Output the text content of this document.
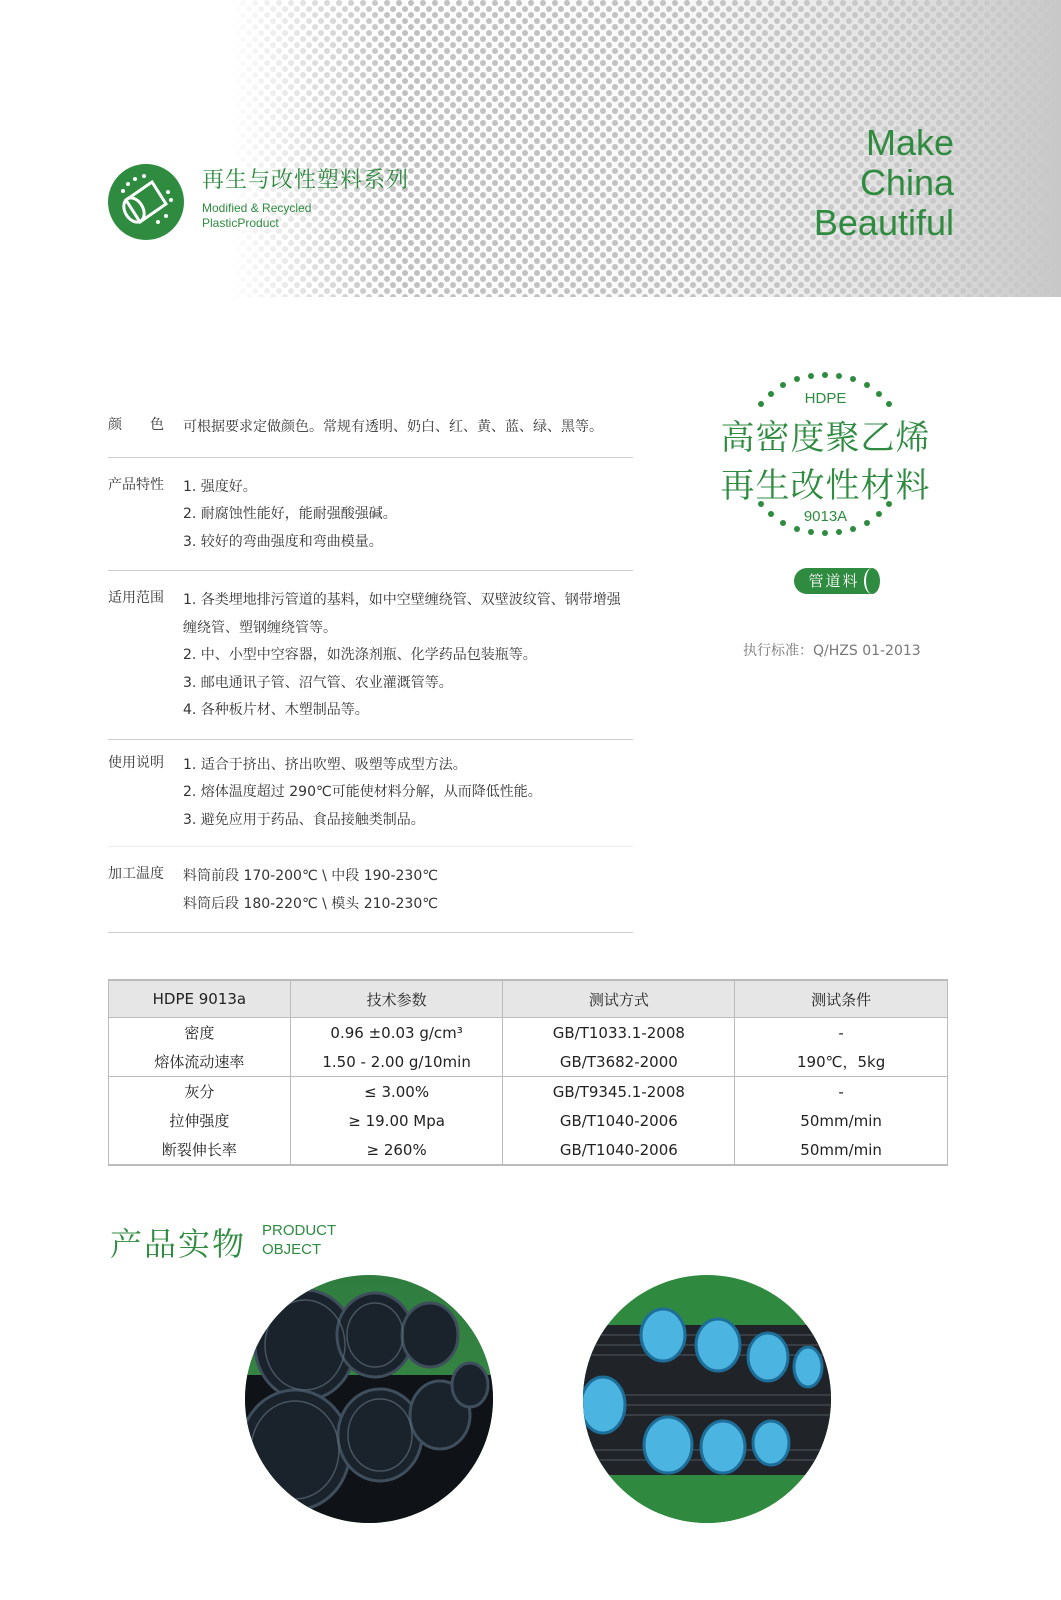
再生与改性塑料系列
Modified & Recycled
PlasticProduct
Make
China
Beautiful
颜　　色 可根据要求定做颜色。常规有透明、奶白、红、黄、蓝、绿、黑等。
产品特性 1. 强度好。
2. 耐腐蚀性能好，能耐强酸强碱。
3. 较好的弯曲强度和弯曲模量。
适用范围 1. 各类埋地排污管道的基料，如中空壁缠绕管、双壁波纹管、钢带增强
缠绕管、塑钢缠绕管等。
2. 中、小型中空容器，如洗涤剂瓶、化学药品包装瓶等。
3. 邮电通讯子管、沼气管、农业灌溉管等。
4. 各种板片材、木塑制品等。
使用说明 1. 适合于挤出、挤出吹塑、吸塑等成型方法。
2. 熔体温度超过 290℃可能使材料分解，从而降低性能。
3. 避免应用于药品、食品接触类制品。
加工温度 料筒前段 170-200℃ \ 中段 190-230℃
料筒后段 180-220℃ \ 模头 210-230℃
HDPE
高密度聚乙烯
再生改性材料
9013A
管道料
执行标准：Q/HZS 01-2013
HDPE 9013a	技术参数	测试方式	测试条件
密度	0.96 ±0.03 g/cm³	GB/T1033.1-2008	-
熔体流动速率	1.50 - 2.00 g/10min	GB/T3682-2000	190℃，5kg
灰分	≤ 3.00%	GB/T9345.1-2008	-
拉伸强度	≥ 19.00 Mpa	GB/T1040-2006	50mm/min
断裂伸长率	≥ 260%	GB/T1040-2006	50mm/min
产品实物 PRODUCT
OBJECT
